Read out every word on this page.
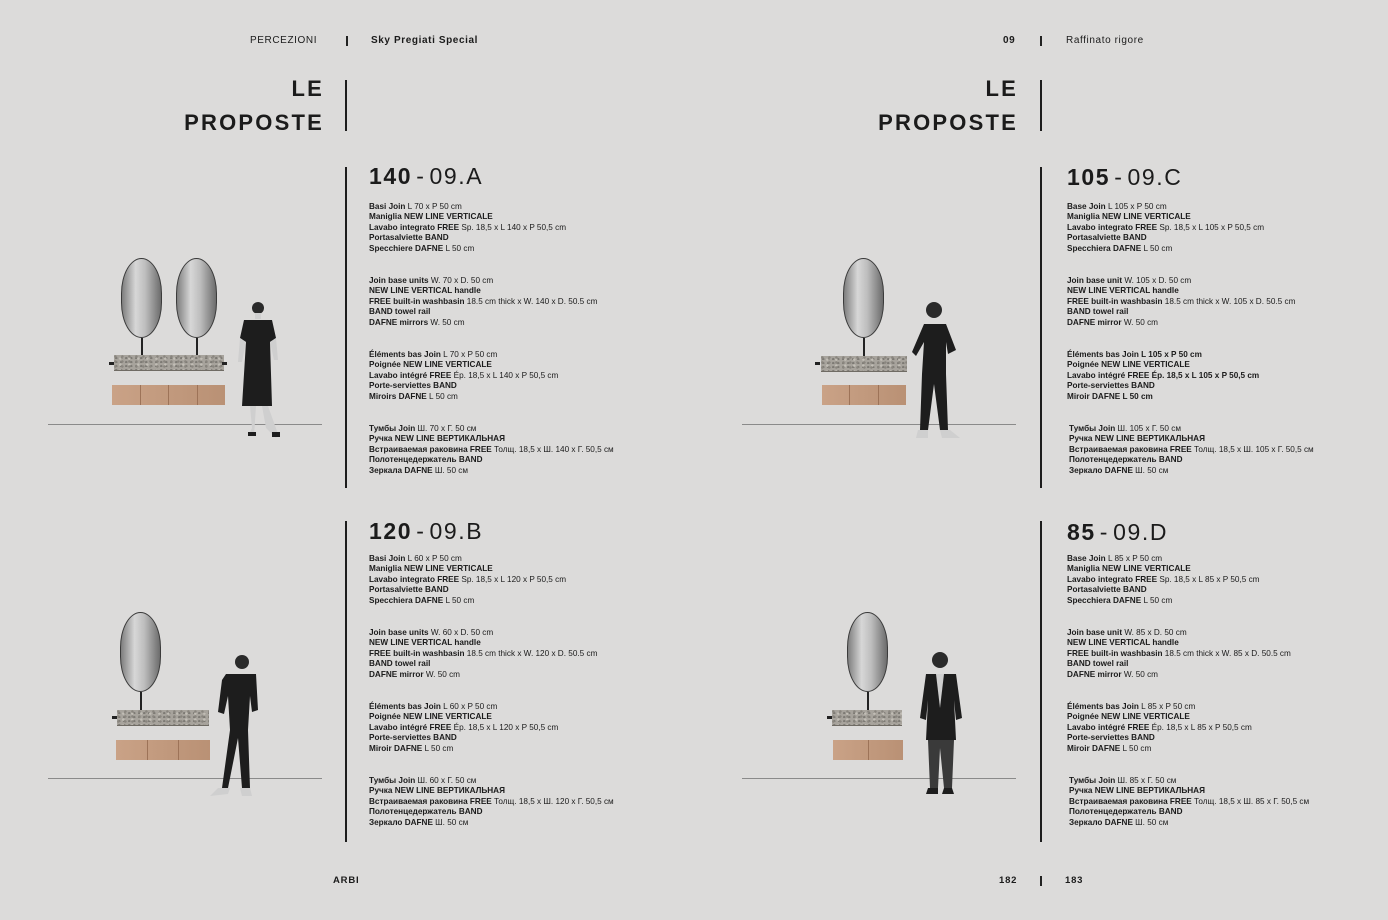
PERCEZIONI	Sky Pregiati Special	09	Raffinato rigore
LE
PROPOSTE
LE
PROPOSTE
140 - 09.A

Basi Join L 70 x P 50 cm

Maniglia NEW LINE VERTICALE

Lavabo integrato FREE Sp. 18,5 x L 140 x P 50,5 cm

Portasalviette BAND

Specchiere DAFNE L 50 cm

Join base units W. 70 x D. 50 cm

NEW LINE VERTICAL handle

FREE built-in washbasin 18.5 cm thick x W. 140 x D. 50.5 cm

BAND towel rail

DAFNE mirrors W. 50 cm

Éléments bas Join L 70 x P 50 cm

Poignée NEW LINE VERTICALE

Lavabo intégré FREE Ép. 18,5 x L 140 x P 50,5 cm

Porte-serviettes BAND

Miroirs DAFNE L 50 cm

Тумбы Join Ш. 70 x Г. 50 см

Ручка NEW LINE ВЕРТИКАЛЬНАЯ

Встраиваемая раковина FREE Толщ. 18,5 x Ш. 140 x Г. 50,5 см

Полотенцедержатель BAND

Зеркала DAFNE Ш. 50 см

120 - 09.B

Basi Join L 60 x P 50 cm

Maniglia NEW LINE VERTICALE

Lavabo integrato FREE Sp. 18,5 x L 120 x P 50,5 cm

Portasalviette BAND

Specchiera DAFNE L 50 cm

Join base units W. 60 x D. 50 cm

NEW LINE VERTICAL handle

FREE built-in washbasin 18.5 cm thick x W. 120 x D. 50.5 cm

BAND towel rail

DAFNE mirror W. 50 cm

Éléments bas Join L 60 x P 50 cm

Poignée NEW LINE VERTICALE

Lavabo intégré FREE Ép. 18,5 x L 120 x P 50,5 cm

Porte-serviettes BAND

Miroir DAFNE L 50 cm

Тумбы Join Ш. 60 x Г. 50 см

Ручка NEW LINE ВЕРТИКАЛЬНАЯ

Встраиваемая раковина FREE Толщ. 18,5 x Ш. 120 x Г. 50,5 см

Полотенцедержатель BAND

Зеркало DAFNE Ш. 50 см

105 - 09.C

Base Join L 105 x P 50 cm

Maniglia NEW LINE VERTICALE

Lavabo integrato FREE Sp. 18,5 x L 105 x P 50,5 cm

Portasalviette BAND

Specchiera DAFNE L 50 cm

Join base unit W. 105 x D. 50 cm

NEW LINE VERTICAL handle

FREE built-in washbasin 18.5 cm thick x W. 105 x D. 50.5 cm

BAND towel rail

DAFNE mirror W. 50 cm

Éléments bas Join L 105 x P 50 cm

Poignée NEW LINE VERTICALE

Lavabo intégré FREE Ép. 18,5 x L 105 x P 50,5 cm

Porte-serviettes BAND

Miroir DAFNE L 50 cm

Тумбы Join Ш. 105 x Г. 50 см

Ручка NEW LINE ВЕРТИКАЛЬНАЯ

Встраиваемая раковина FREE Толщ. 18,5 x Ш. 105 x Г. 50,5 см

Полотенцедержатель BAND

Зеркало DAFNE Ш. 50 см

85 - 09.D

Base Join L 85 x P 50 cm

Maniglia NEW LINE VERTICALE

Lavabo integrato FREE Sp. 18,5 x L 85 x P 50,5 cm

Portasalviette BAND

Specchiera DAFNE L 50 cm

Join base unit W. 85 x D. 50 cm

NEW LINE VERTICAL handle

FREE built-in washbasin 18.5 cm thick x W. 85 x D. 50.5 cm

BAND towel rail

DAFNE mirror W. 50 cm

Éléments bas Join L 85 x P 50 cm

Poignée NEW LINE VERTICALE

Lavabo intégré FREE Ép. 18,5 x L 85 x P 50,5 cm

Porte-serviettes BAND

Miroir DAFNE L 50 cm

Тумбы Join Ш. 85 x Г. 50 см

Ручка NEW LINE ВЕРТИКАЛЬНАЯ

Встраиваемая раковина FREE Толщ. 18,5 x Ш. 85 x Г. 50,5 см

Полотенцедержатель BAND

Зеркало DAFNE Ш. 50 см

ARBI	182	183
